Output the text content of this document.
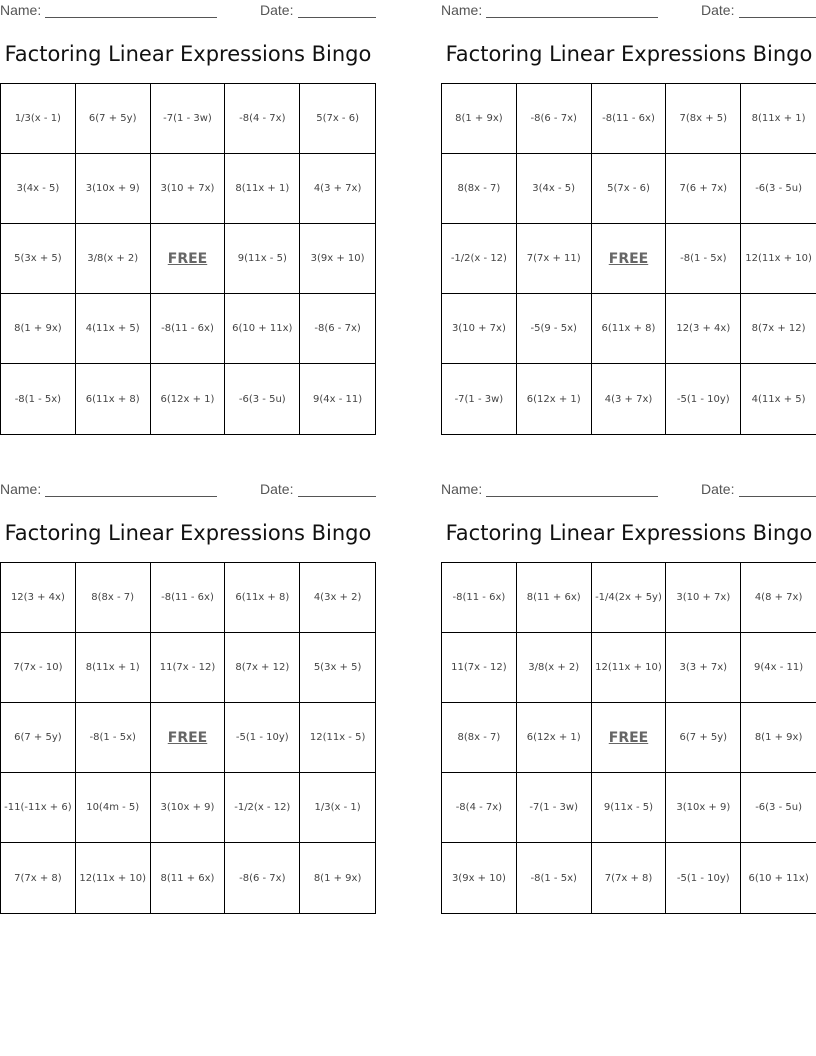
Name:	Date:
Factoring Linear Expressions Bingo
1/3(x - 1)	6(7 + 5y)	-7(1 - 3w)	-8(4 - 7x)	5(7x - 6)
3(4x - 5)	3(10x + 9)	3(10 + 7x)	8(11x + 1)	4(3 + 7x)
5(3x + 5)	3/8(x + 2)	FREE	9(11x - 5)	3(9x + 10)
8(1 + 9x)	4(11x + 5)	-8(11 - 6x)	6(10 + 11x)	-8(6 - 7x)
-8(1 - 5x)	6(11x + 8)	6(12x + 1)	-6(3 - 5u)	9(4x - 11)
Name:	Date:
Factoring Linear Expressions Bingo
8(1 + 9x)	-8(6 - 7x)	-8(11 - 6x)	7(8x + 5)	8(11x + 1)
8(8x - 7)	3(4x - 5)	5(7x - 6)	7(6 + 7x)	-6(3 - 5u)
-1/2(x - 12)	7(7x + 11)	FREE	-8(1 - 5x)	12(11x + 10)
3(10 + 7x)	-5(9 - 5x)	6(11x + 8)	12(3 + 4x)	8(7x + 12)
-7(1 - 3w)	6(12x + 1)	4(3 + 7x)	-5(1 - 10y)	4(11x + 5)
Name:	Date:
Factoring Linear Expressions Bingo
12(3 + 4x)	8(8x - 7)	-8(11 - 6x)	6(11x + 8)	4(3x + 2)
7(7x - 10)	8(11x + 1)	11(7x - 12)	8(7x + 12)	5(3x + 5)
6(7 + 5y)	-8(1 - 5x)	FREE	-5(1 - 10y)	12(11x - 5)
-11(-11x + 6)	10(4m - 5)	3(10x + 9)	-1/2(x - 12)	1/3(x - 1)
7(7x + 8)	12(11x + 10)	8(11 + 6x)	-8(6 - 7x)	8(1 + 9x)
Name:	Date:
Factoring Linear Expressions Bingo
-8(11 - 6x)	8(11 + 6x)	-1/4(2x + 5y)	3(10 + 7x)	4(8 + 7x)
11(7x - 12)	3/8(x + 2)	12(11x + 10)	3(3 + 7x)	9(4x - 11)
8(8x - 7)	6(12x + 1)	FREE	6(7 + 5y)	8(1 + 9x)
-8(4 - 7x)	-7(1 - 3w)	9(11x - 5)	3(10x + 9)	-6(3 - 5u)
3(9x + 10)	-8(1 - 5x)	7(7x + 8)	-5(1 - 10y)	6(10 + 11x)
